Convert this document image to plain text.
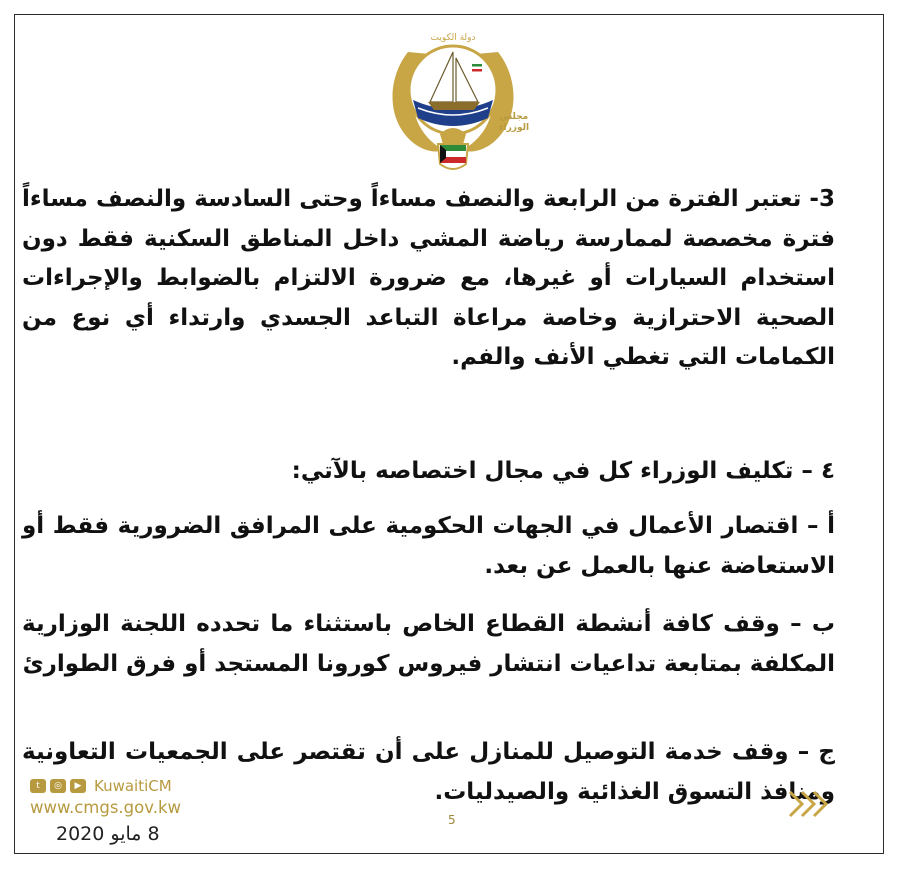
دولة الكويت
مجلس الوزراء
3- تعتبر الفترة من الرابعة والنصف مساءاً وحتى السادسة والنصف مساءاً فترة مخصصة لممارسة رياضة المشي داخل المناطق السكنية فقط دون استخدام السيارات أو غيرها، مع ضرورة الالتزام بالضوابط والإجراءات الصحية الاحترازية وخاصة مراعاة التباعد الجسدي وارتداء أي نوع من الكمامات التي تغطي الأنف والفم.
٤ – تكليف الوزراء كل في مجال اختصاصه بالآتي:
أ – اقتصار الأعمال في الجهات الحكومية على المرافق الضرورية فقط أو الاستعاضة عنها بالعمل عن بعد.
ب – وقف كافة أنشطة القطاع الخاص باستثناء ما تحدده اللجنة الوزارية المكلفة بمتابعة تداعيات انتشار فيروس كورونا المستجد أو فرق الطوارئ
ج – وقف خدمة التوصيل للمنازل على أن تقتصر على الجمعيات التعاونية ومنافذ التسوق الغذائية والصيدليات.
t	◎	▶ KuwaitiCM
www.cmgs.gov.kw
8 مايو 2020
5
